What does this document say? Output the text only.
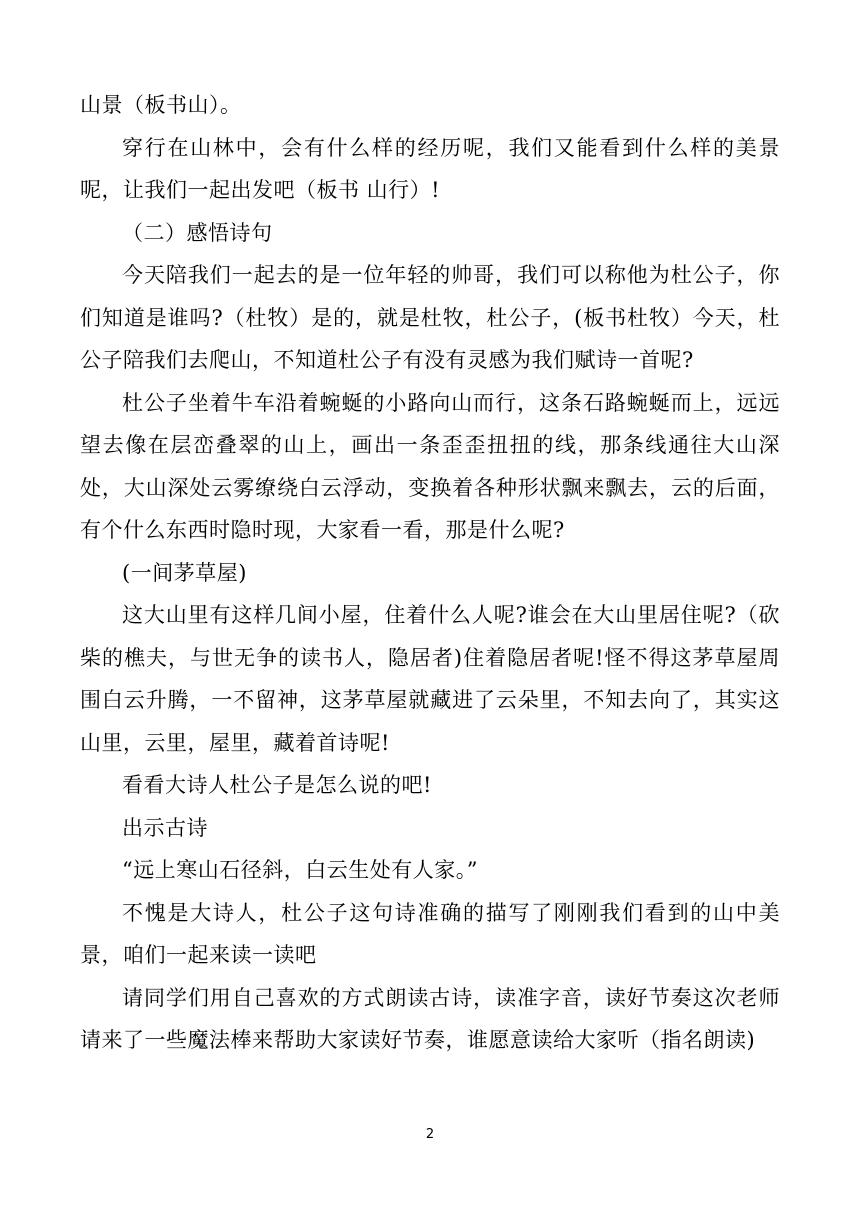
山景（板书山）。

穿行在山林中，会有什么样的经历呢，我们又能看到什么样的美景呢，让我们一起出发吧（板书 山行）!

（二）感悟诗句

今天陪我们一起去的是一位年轻的帅哥，我们可以称他为杜公子，你们知道是谁吗?（杜牧）是的，就是杜牧，杜公子，(板书杜牧）今天，杜公子陪我们去爬山，不知道杜公子有没有灵感为我们赋诗一首呢?

杜公子坐着牛车沿着蜿蜒的小路向山而行，这条石路蜿蜒而上，远远望去像在层峦叠翠的山上，画出一条歪歪扭扭的线，那条线通往大山深处，大山深处云雾缭绕白云浮动，变换着各种形状飘来飘去，云的后面，有个什么东西时隐时现，大家看一看，那是什么呢?

(一间茅草屋)

这大山里有这样几间小屋，住着什么人呢?谁会在大山里居住呢?（砍柴的樵夫，与世无争的读书人，隐居者)住着隐居者呢!怪不得这茅草屋周围白云升腾，一不留神，这茅草屋就藏进了云朵里，不知去向了，其实这山里，云里，屋里，藏着首诗呢!

看看大诗人杜公子是怎么说的吧!

出示古诗

“远上寒山石径斜，白云生处有人家。”

不愧是大诗人，杜公子这句诗准确的描写了刚刚我们看到的山中美景，咱们一起来读一读吧

请同学们用自己喜欢的方式朗读古诗，读准字音，读好节奏这次老师请来了一些魔法棒来帮助大家读好节奏，谁愿意读给大家听（指名朗读)

2
